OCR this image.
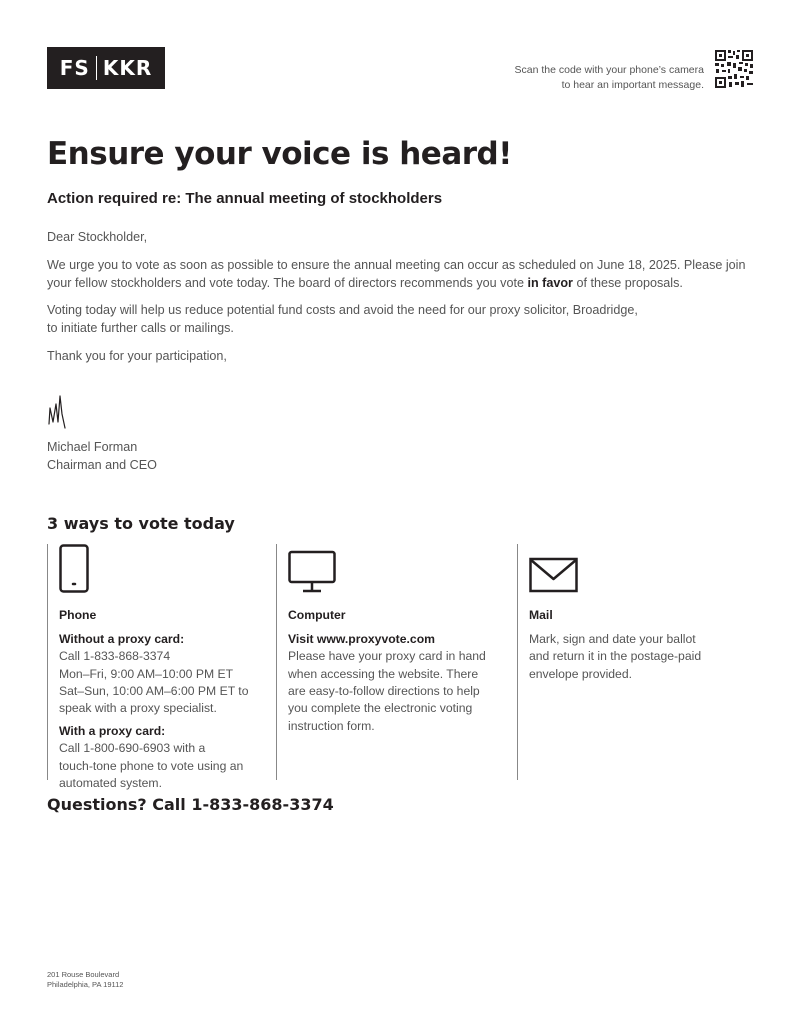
FS KKR	Scan the code with your phone’s camera
to hear an important message.
Ensure your voice is heard!
Action required re: The annual meeting of stockholders
Dear Stockholder,
We urge you to vote as soon as possible to ensure the annual meeting can occur as scheduled on June 18, 2025. Please join your fellow stockholders and vote today. The board of directors recommends you vote in favor of these proposals.
Voting today will help us reduce potential fund costs and avoid the need for our proxy solicitor, Broadridge,
to initiate further calls or mailings.
Thank you for your participation,
Michael Forman
Chairman and CEO
3 ways to vote today
Phone
Without a proxy card:
Call 1-833-868-3374
Mon–Fri, 9:00 AM–10:00 PM ET
Sat–Sun, 10:00 AM–6:00 PM ET to
speak with a proxy specialist.
With a proxy card:
Call 1-800-690-6903 with a
touch-tone phone to vote using an
automated system.
Computer
Visit www.proxyvote.com
Please have your proxy card in hand
when accessing the website. There
are easy-to-follow directions to help
you complete the electronic voting
instruction form.
Mail
Mark, sign and date your ballot
and return it in the postage-paid
envelope provided.
Questions? Call 1-833-868-3374
201 Rouse Boulevard
Philadelphia, PA 19112
